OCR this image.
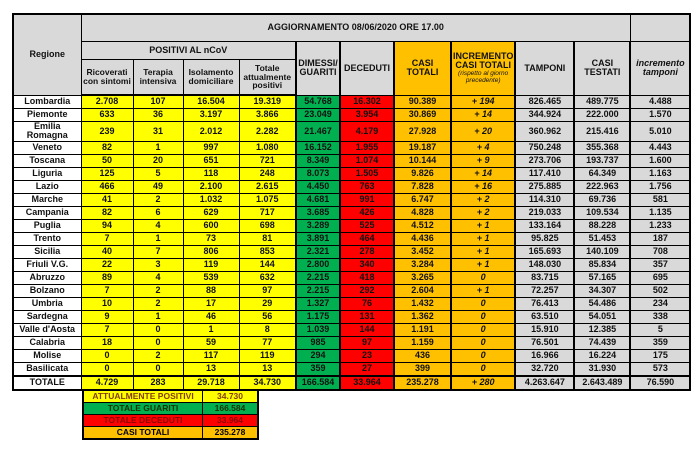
Regione	AGGIORNAMENTO 08/06/2020 ORE 17.00										
	POSITIVI AL nCoV				DIMESSI/ GUARITI	DECEDUTI	CASI TOTALI	INCREMENTO CASI TOTALI
(rispetto al giorno precedente)	TAMPONI	CASI TESTATI	incremento tamponi
	Ricoverati con sintomi	Terapia intensiva	Isolamento domiciliare	Totale attualmente positivi							
Lombardia	2.708	107	16.504	19.319	54.768	16.302	90.389	+ 194	826.465	489.775	4.488
Piemonte	633	36	3.197	3.866	23.049	3.954	30.869	+ 14	344.924	222.000	1.570
Emilia Romagna	239	31	2.012	2.282	21.467	4.179	27.928	+ 20	360.962	215.416	5.010
Veneto	82	1	997	1.080	16.152	1.955	19.187	+ 4	750.248	355.368	4.443
Toscana	50	20	651	721	8.349	1.074	10.144	+ 9	273.706	193.737	1.600
Liguria	125	5	118	248	8.073	1.505	9.826	+ 14	117.410	64.349	1.163
Lazio	466	49	2.100	2.615	4.450	763	7.828	+ 16	275.885	222.963	1.756
Marche	41	2	1.032	1.075	4.681	991	6.747	+ 2	114.310	69.736	581
Campania	82	6	629	717	3.685	426	4.828	+ 2	219.033	109.534	1.135
Puglia	94	4	600	698	3.289	525	4.512	+ 1	133.164	88.228	1.233
Trento	7	1	73	81	3.891	464	4.436	+ 1	95.825	51.453	187
Sicilia	40	7	806	853	2.321	278	3.452	+ 1	165.693	140.109	708
Friuli V.G.	22	3	119	144	2.800	340	3.284	+ 1	148.030	85.834	357
Abruzzo	89	4	539	632	2.215	418	3.265	0	83.715	57.165	695
Bolzano	7	2	88	97	2.215	292	2.604	+ 1	72.257	34.307	502
Umbria	10	2	17	29	1.327	76	1.432	0	76.413	54.486	234
Sardegna	9	1	46	56	1.175	131	1.362	0	63.510	54.051	338
Valle d'Aosta	7	0	1	8	1.039	144	1.191	0	15.910	12.385	5
Calabria	18	0	59	77	985	97	1.159	0	76.501	74.439	359
Molise	0	2	117	119	294	23	436	0	16.966	16.224	175
Basilicata	0	0	13	13	359	27	399	0	32.720	31.930	573
TOTALE	4.729	283	29.718	34.730	166.584	33.964	235.278	+ 280	4.263.647	2.643.489	76.590
ATTUALMENTE POSITIVI	34.730
TOTALE GUARITI	166.584
TOTALE DECEDUTI	33.964
CASI TOTALI	235.278
